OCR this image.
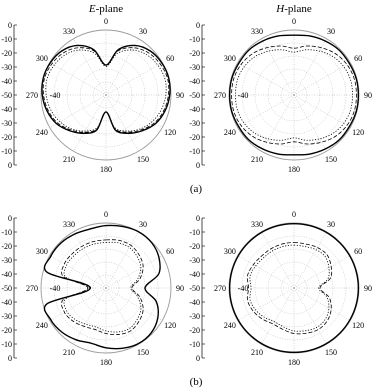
0
30
60
90
120
150
180
210
240
270
300
330
0
-10
-20
-30
-40
-50
-40
-30
-20
-10
0
-40
0
30
60
90
120
150
180
210
240
270
300
330
0
-10
-20
-30
-40
-50
-40
-30
-20
-10
0
-40
0
30
60
90
120
150
180
210
240
270
300
330
0
-10
-20
-30
-40
-50
-40
-30
-20
-10
0
-40
0
30
60
90
120
150
180
210
240
270
300
330
0
-10
-20
-30
-40
-50
-40
-30
-20
-10
0
-40
E-plane	H-plane
(a)
(b)
